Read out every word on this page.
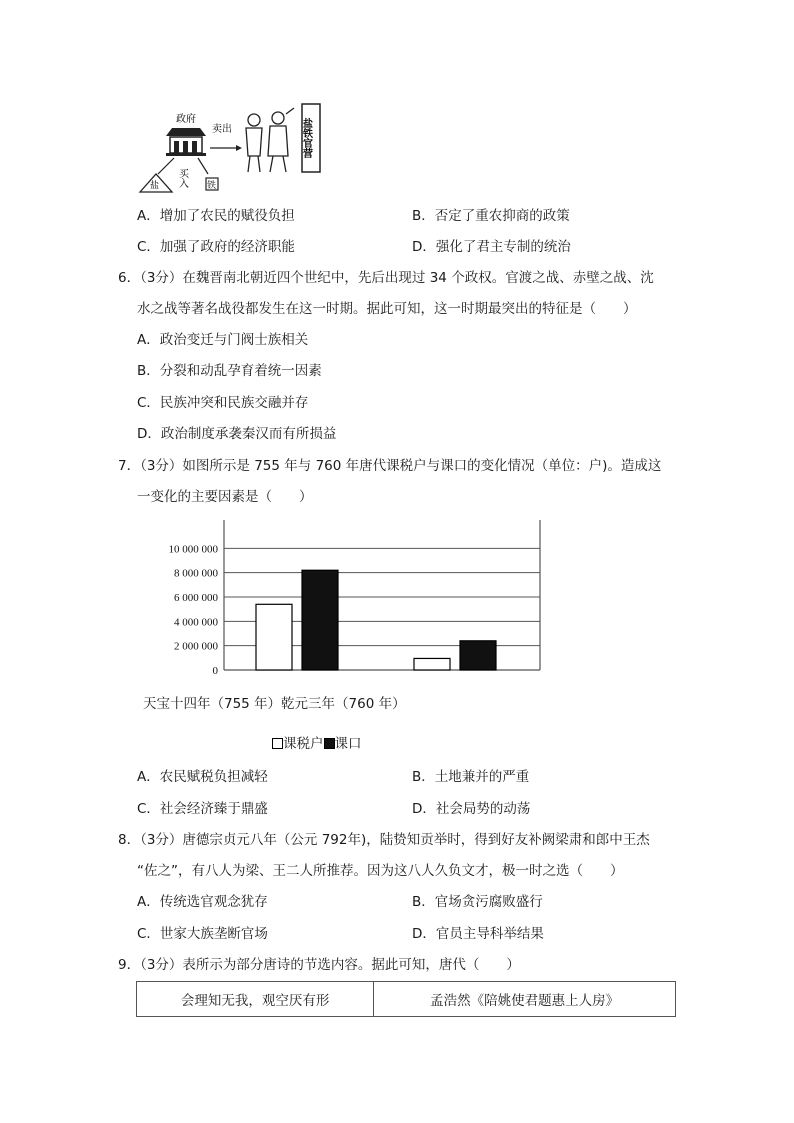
政府
卖出
买入
盐	铁
盐铁官营
A．增加了农民的赋役负担	B．否定了重农抑商的政策
C．加强了政府的经济职能	D．强化了君主专制的统治
6．（3分）在魏晋南北朝近四个世纪中，先后出现过 34 个政权。官渡之战、赤壁之战、沈
水之战等著名战役都发生在这一时期。据此可知，这一时期最突出的特征是（　　）
A．政治变迁与门阀士族相关
B．分裂和动乱孕育着统一因素
C．民族冲突和民族交融并存
D．政治制度承袭秦汉而有所损益
7．（3分）如图所示是 755 年与 760 年唐代课税户与课口的变化情况（单位：户)。造成这
一变化的主要因素是（　　）
0
2 000 000
4 000 000
6 000 000
8 000 000
10 000 000
天宝十四年（755 年）乾元三年（760 年）
课税户 课口
A．农民赋税负担减轻	B．土地兼并的严重
C．社会经济臻于鼎盛	D．社会局势的动荡
8．（3分）唐德宗贞元八年（公元 792年)，陆贽知贡举时，得到好友补阙梁肃和郎中王杰
“佐之”，有八人为梁、王二人所推荐。因为这八人久负文才，极一时之选（　　）
A．传统选官观念犹存	B．官场贪污腐败盛行
C．世家大族垄断官场	D．官员主导科举结果
9．（3分）表所示为部分唐诗的节选内容。据此可知，唐代（　　）
会理知无我，观空厌有形	孟浩然《陪姚使君题惠上人房》
